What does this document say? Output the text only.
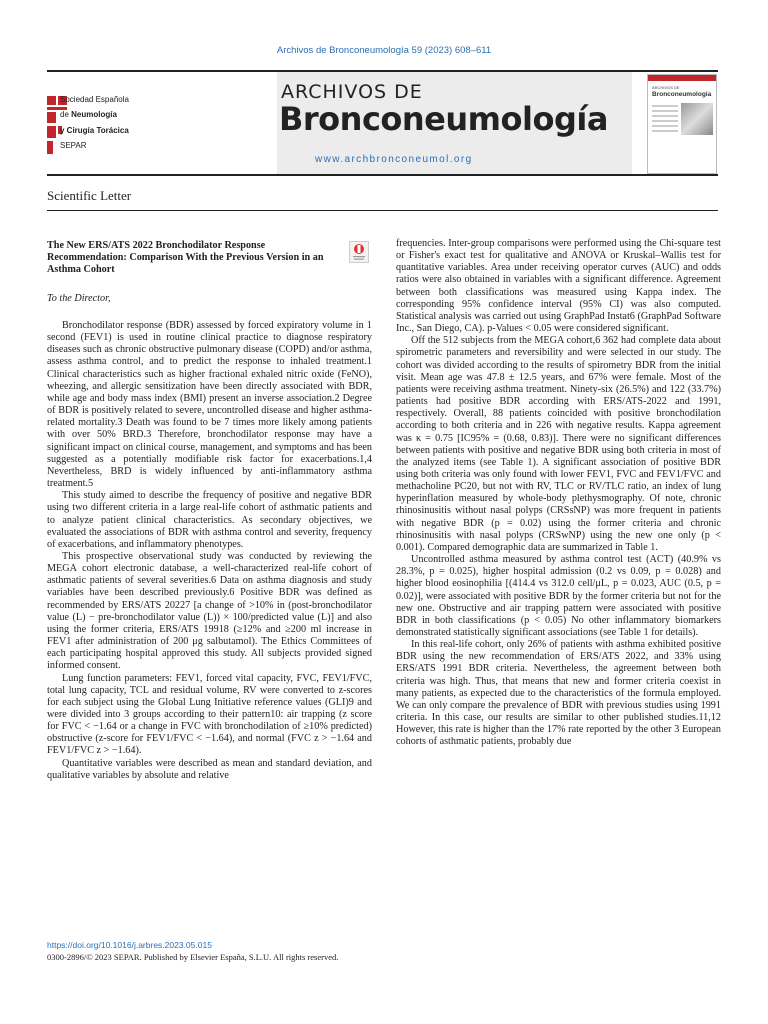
Archivos de Bronconeumología 59 (2023) 608–611
Sociedad Española
de Neumología
y Cirugía Torácica
SEPAR
ARCHIVOS DE
Bronconeumología
www.archbronconeumol.org
ARCHIVOS DE
Bronconeumología
Scientific Letter
The New ERS/ATS 2022 Bronchodilator Response Recommendation: Comparison With the Previous Version in an Asthma Cohort
To the Director,

Bronchodilator response (BDR) assessed by forced expiratory volume in 1 second (FEV1) is used in routine clinical practice to diagnose respiratory diseases such as chronic obstructive pulmonary disease (COPD) and/or asthma, assess asthma control, and to predict the response to inhaled treatment.1 Clinical characteristics such as higher fractional exhaled nitric oxide (FeNO), wheezing, and allergic sensitization have been directly associated with BDR, while age and body mass index (BMI) present an inverse association.2 Degree of BDR is positively related to severe, uncontrolled disease and higher asthma-related mortality.3 Death was found to be 7 times more likely among patients with over 50% BRD.3 Therefore, bronchodilator response may have a significant impact on clinical course, management, and symptoms and has been suggested as a potentially modifiable risk factor for exacerbations.1,4 Nevertheless, BRD is widely influenced by anti-inflammatory asthma treatment.5

This study aimed to describe the frequency of positive and negative BDR using two different criteria in a large real-life cohort of asthmatic patients and to analyze patient clinical characteristics. As secondary objectives, we evaluated the associations of BDR with asthma control and severity, frequency of exacerbations, and inflammatory phenotypes.

This prospective observational study was conducted by reviewing the MEGA cohort electronic database, a well-characterized real-life cohort of asthmatic patients of several severities.6 Data on asthma diagnosis and study variables have been described previously.6 Positive BDR was defined as recommended by ERS/ATS 20227 [a change of >10% in (post-bronchodilator value (L) − pre-bronchodilator value (L)) × 100/predicted value (L)] and also using the former criteria, ERS/ATS 19918 (≥12% and ≥200 ml increase in FEV1 after administration of 200 μg salbutamol). The Ethics Committees of each participating hospital approved this study. All subjects provided signed informed consent.

Lung function parameters: FEV1, forced vital capacity, FVC, FEV1/FVC, total lung capacity, TCL and residual volume, RV were converted to z-scores for each subject using the Global Lung Initiative reference values (GLI)9 and were divided into 3 groups according to their pattern10: air trapping (z score for FVC < −1.64 or a change in FVC with bronchodilation of ≥10% predicted) obstructive (z-score for FEV1/FVC < −1.64), and normal (FVC z > −1.64 and FEV1/FVC z > −1.64).

Quantitative variables were described as mean and standard deviation, and qualitative variables by absolute and relative

frequencies. Inter-group comparisons were performed using the Chi-square test or Fisher's exact test for qualitative and ANOVA or Kruskal–Wallis test for quantitative variables. Area under receiving operator curves (AUC) and odds ratios were also obtained in variables with a significant difference. Agreement between both classifications was measured using Kappa index. The corresponding 95% confidence interval (95% CI) was also computed. Statistical analysis was carried out using GraphPad Instat6 (GraphPad Software Inc., San Diego, CA). p-Values < 0.05 were considered significant.

Off the 512 subjects from the MEGA cohort,6 362 had complete data about spirometric parameters and reversibility and were selected in our study. The cohort was divided according to the results of spirometry BDR from the initial visit. Mean age was 47.8 ± 12.5 years, and 67% were female. Most of the patients were receiving asthma treatment. Ninety-six (26.5%) and 122 (33.7%) patients had positive BDR according with ERS/ATS-2022 and 1991, respectively. Overall, 88 patients coincided with positive bronchodilation according to both criteria and in 226 with negative results. Kappa agreement was κ = 0.75 [IC95% = (0.68, 0.83)]. There were no significant differences between patients with positive and negative BDR using both criteria in most of the analyzed items (see Table 1). A significant association of positive BDR using both criteria was only found with lower FEV1, FVC and FEV1/FVC and methacholine PC20, but not with RV, TLC or RV/TLC ratio, an index of lung hyperinflation measured by whole-body plethysmography. Of note, chronic rhinosinusitis without nasal polyps (CRSsNP) was more frequent in patients with negative BDR (p = 0.02) using the former criteria and chronic rhinosinusitis with nasal polyps (CRSwNP) using the new one only (p < 0.001). Compared demographic data are summarized in Table 1.

Uncontrolled asthma measured by asthma control test (ACT) (40.9% vs 28.3%, p = 0.025), higher hospital admission (0.2 vs 0.09, p = 0.028) and higher blood eosinophilia [(414.4 vs 312.0 cell/μL, p = 0.023, AUC (0.5, p = 0.02)], were associated with positive BDR by the former criteria but not for the new one. Obstructive and air trapping pattern were associated with positive BDR in both classifications (p < 0.05) No other inflammatory biomarkers demonstrated statistically significant associations (see Table 1 for details).

In this real-life cohort, only 26% of patients with asthma exhibited positive BDR using the new recommendation of ERS/ATS 2022, and 33% using ERS/ATS 1991 BDR criteria. Nevertheless, the agreement between both criteria was high. Thus, that means that new and former criteria coexist in many patients, as expected due to the characteristics of the formula employed. We can only compare the prevalence of BDR with previous studies using 1991 criteria. In this case, our results are similar to other published studies.11,12 However, this rate is higher than the 17% rate reported by the other 3 European cohorts of asthmatic patients, probably due

https://doi.org/10.1016/j.arbres.2023.05.015
0300-2896/© 2023 SEPAR. Published by Elsevier España, S.L.U. All rights reserved.
